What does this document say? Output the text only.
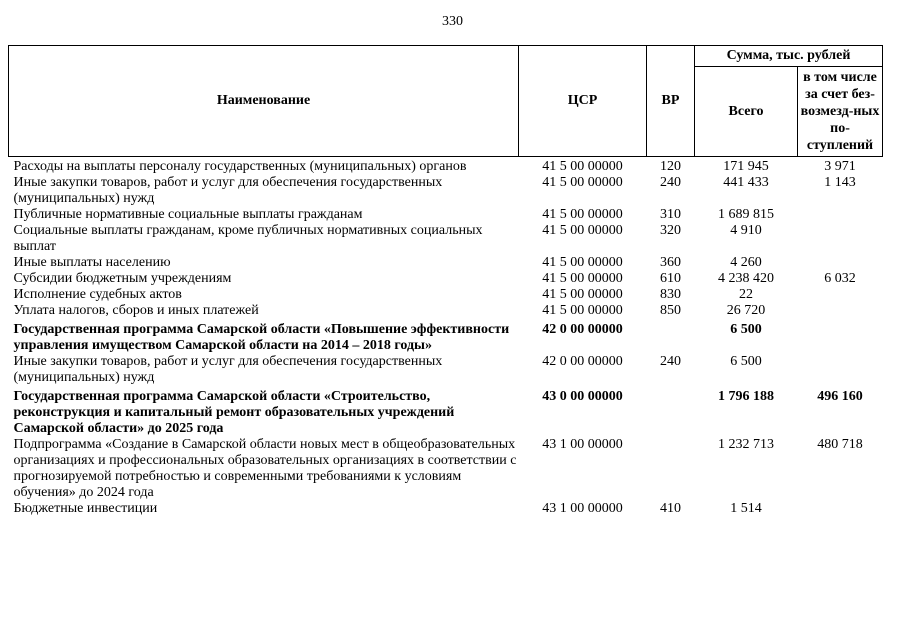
330
Наименование	ЦСР	ВР	Сумма, тыс. рублей	
			Всего	в том числе за счет без-возмезд-ных по-ступлений
Расходы на выплаты персоналу государственных (муниципальных) органов	41 5 00 00000	120	171 945	3 971
Иные закупки товаров, работ и услуг для обеспечения государственных (муниципальных) нужд	41 5 00 00000	240	441 433	1 143
Публичные нормативные социальные выплаты гражданам	41 5 00 00000	310	1 689 815	
Социальные выплаты гражданам, кроме публичных нормативных социальных выплат	41 5 00 00000	320	4 910	
Иные выплаты населению	41 5 00 00000	360	4 260	
Субсидии бюджетным учреждениям	41 5 00 00000	610	4 238 420	6 032
Исполнение судебных актов	41 5 00 00000	830	22	
Уплата налогов, сборов и иных платежей	41 5 00 00000	850	26 720	
Государственная программа Самарской области «Повышение эффективности управления имуществом Самарской области на 2014 – 2018 годы»	42 0 00 00000		6 500	
Иные закупки товаров, работ и услуг для обеспечения государственных (муниципальных) нужд	42 0 00 00000	240	6 500	
Государственная программа Самарской области «Строительство, реконструкция и капитальный ремонт образовательных учреждений Самарской области» до 2025 года	43 0 00 00000		1 796 188	496 160
Подпрограмма «Создание в Самарской области новых мест в общеобразовательных организациях и профессиональных образовательных организациях в соответствии с прогнозируемой потребностью и современными требованиями к условиям обучения» до 2024 года	43 1 00 00000		1 232 713	480 718
Бюджетные инвестиции	43 1 00 00000	410	1 514	
